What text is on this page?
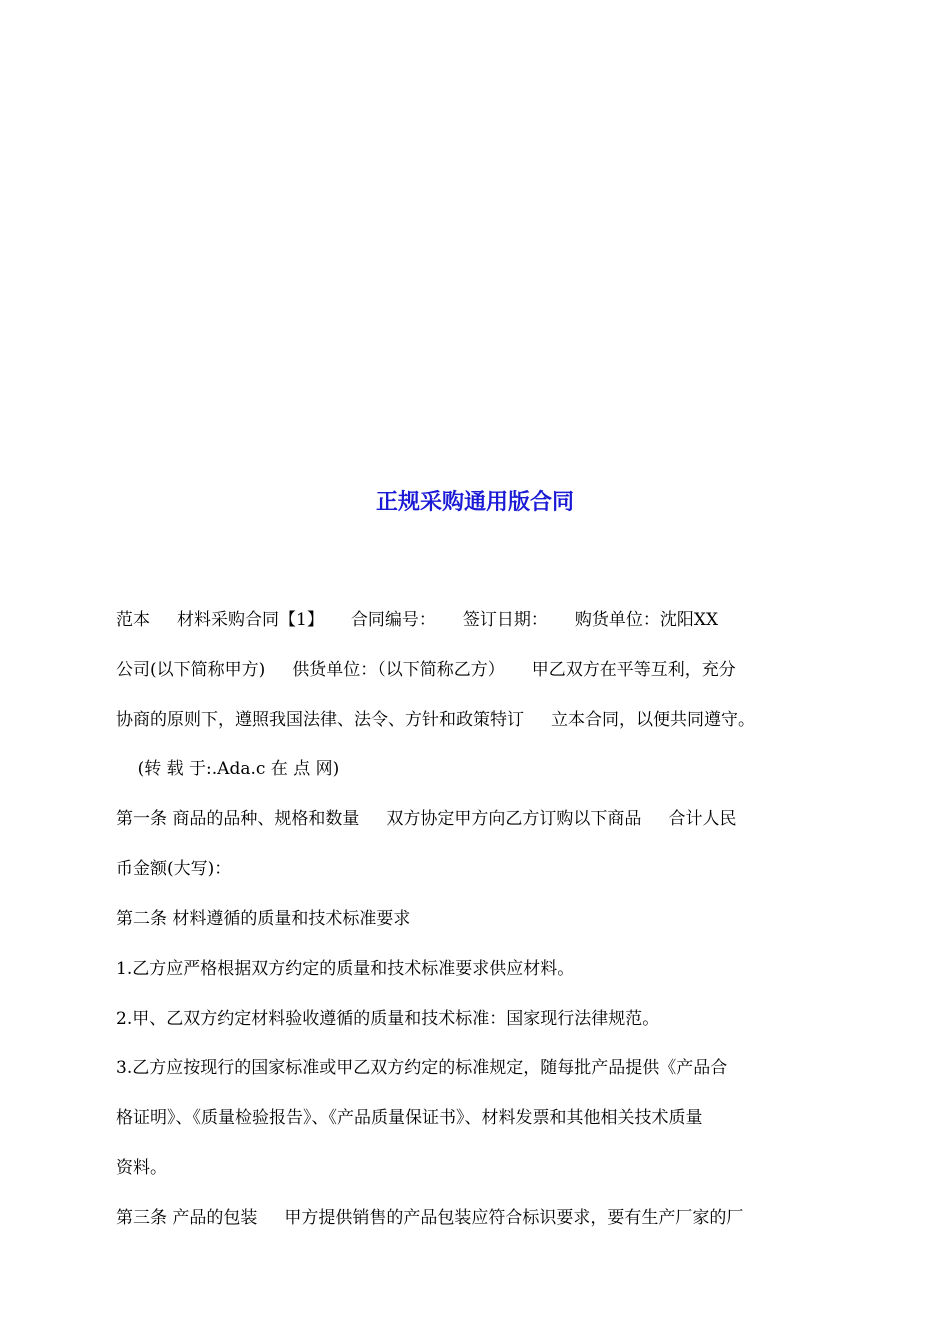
正规采购通用版合同
范本     材料采购合同【1】     合同编号：     签订日期：     购货单位：沈阳XX
公司(以下简称甲方)     供货单位：（以下简称乙方）     甲乙双方在平等互利，充分
协商的原则下，遵照我国法律、法令、方针和政策特订     立本合同，以便共同遵守。
(转 载 于:.Ada.c 在 点 网)
第一条 商品的品种、规格和数量     双方协定甲方向乙方订购以下商品     合计人民
币金额(大写)：
第二条 材料遵循的质量和技术标准要求
1.乙方应严格根据双方约定的质量和技术标准要求供应材料。
2.甲、乙双方约定材料验收遵循的质量和技术标准：国家现行法律规范。
3.乙方应按现行的国家标准或甲乙双方约定的标准规定，随每批产品提供《产品合
格证明》、《质量检验报告》、《产品质量保证书》、材料发票和其他相关技术质量
资料。
第三条 产品的包装     甲方提供销售的产品包装应符合标识要求，要有生产厂家的厂
